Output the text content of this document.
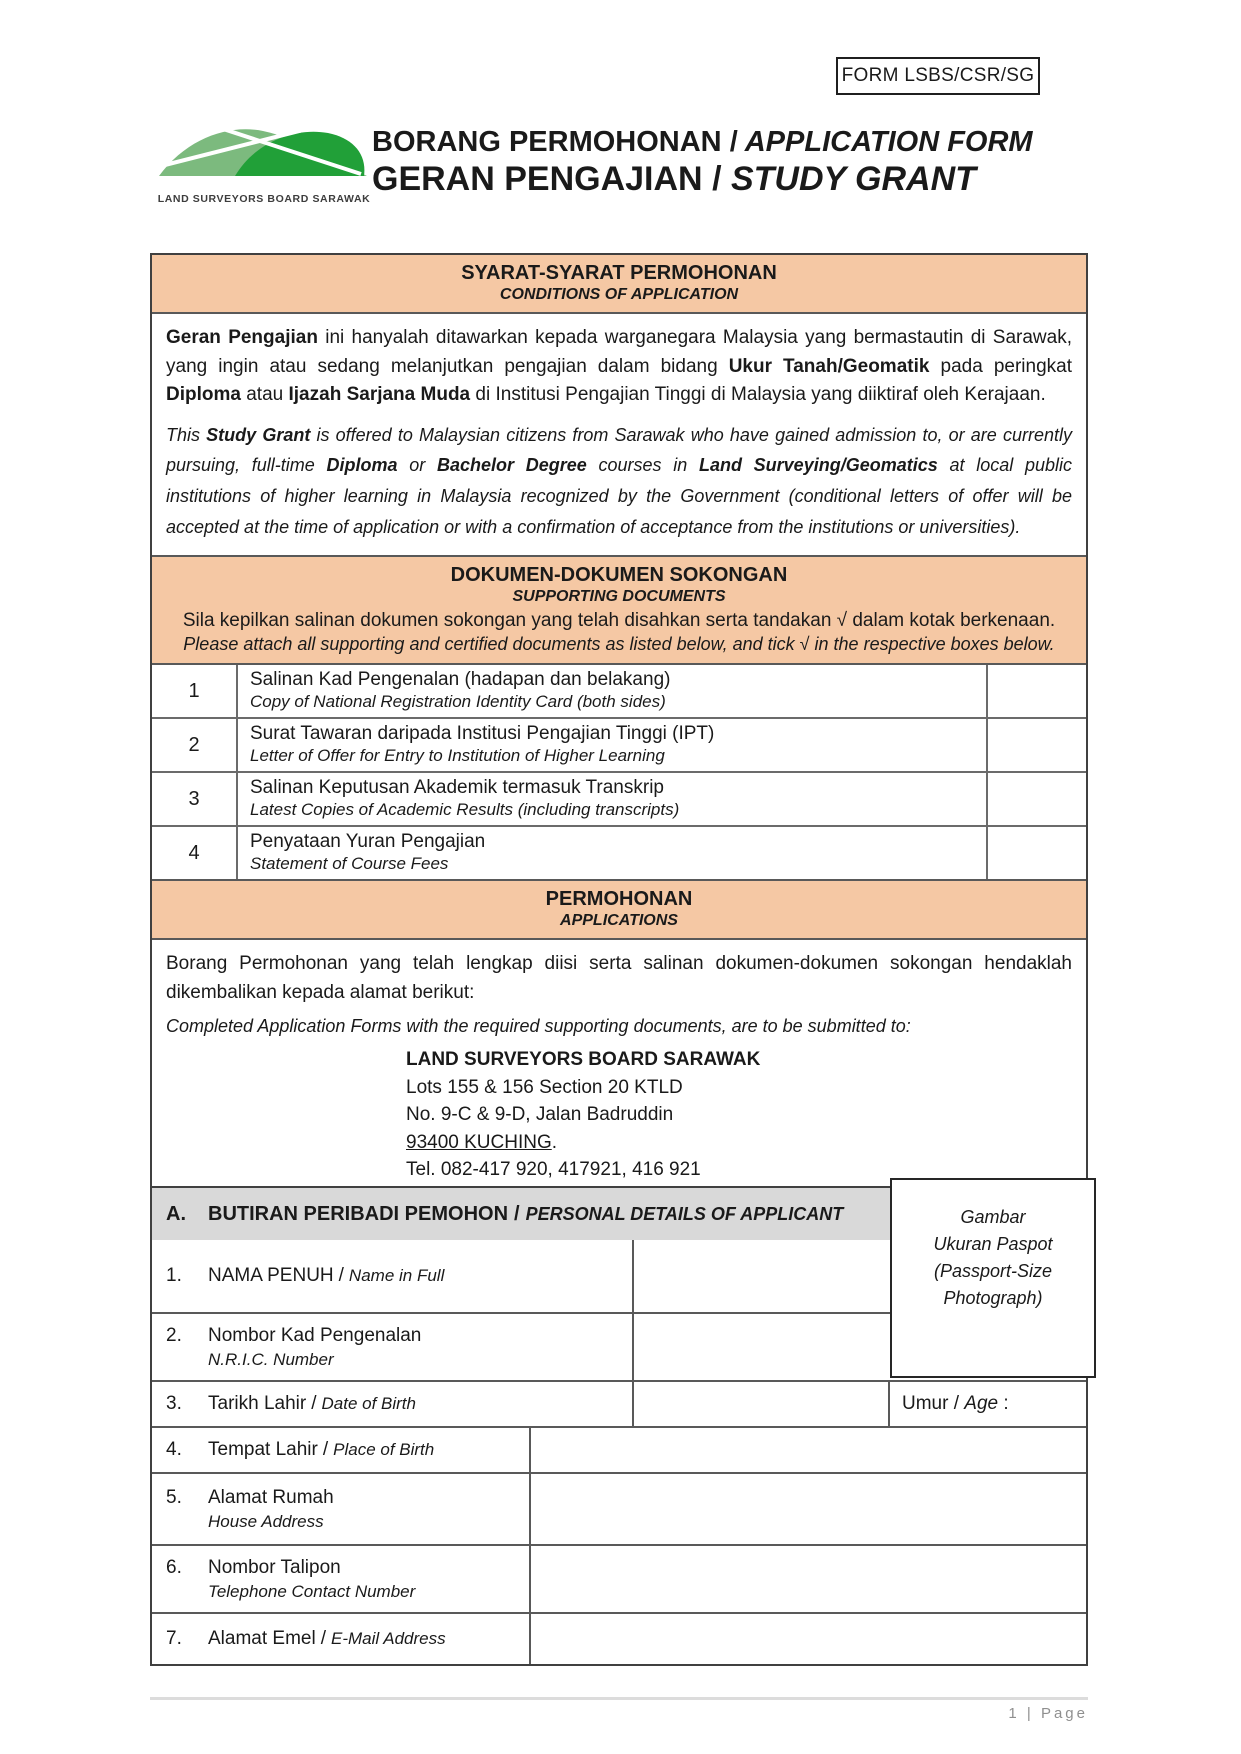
FORM LSBS/CSR/SG
LAND SURVEYORS BOARD SARAWAK
BORANG PERMOHONAN / APPLICATION FORM
GERAN PENGAJIAN / STUDY GRANT
SYARAT-SYARAT PERMOHONAN
CONDITIONS OF APPLICATION
Geran Pengajian ini hanyalah ditawarkan kepada warganegara Malaysia yang bermastautin di Sarawak, yang ingin atau sedang melanjutkan pengajian dalam bidang Ukur Tanah/Geomatik pada peringkat Diploma atau Ijazah Sarjana Muda di Institusi Pengajian Tinggi di Malaysia yang diiktiraf oleh Kerajaan.
This Study Grant is offered to Malaysian citizens from Sarawak who have gained admission to, or are currently pursuing, full-time Diploma or Bachelor Degree courses in Land Surveying/Geomatics at local public institutions of higher learning in Malaysia recognized by the Government (conditional letters of offer will be accepted at the time of application or with a confirmation of acceptance from the institutions or universities).
DOKUMEN-DOKUMEN SOKONGAN
SUPPORTING DOCUMENTS
Sila kepilkan salinan dokumen sokongan yang telah disahkan serta tandakan √ dalam kotak berkenaan.
Please attach all supporting and certified documents as listed below, and tick √ in the respective boxes below.
1	Salinan Kad Pengenalan (hadapan dan belakang)
Copy of National Registration Identity Card (both sides)
2	Surat Tawaran daripada Institusi Pengajian Tinggi (IPT)
Letter of Offer for Entry to Institution of Higher Learning
3	Salinan Keputusan Akademik termasuk Transkrip
Latest Copies of Academic Results (including transcripts)
4	Penyataan Yuran Pengajian
Statement of Course Fees
PERMOHONAN
APPLICATIONS
Borang Permohonan yang telah lengkap diisi serta salinan dokumen-dokumen sokongan hendaklah dikembalikan kepada alamat berikut:
Completed Application Forms with the required supporting documents, are to be submitted to:
LAND SURVEYORS BOARD SARAWAK
Lots 155 & 156 Section 20 KTLD
No. 9-C & 9-D, Jalan Badruddin
93400 KUCHING.
Tel. 082-417 920, 417921, 416 921
A.	BUTIRAN PERIBADI PEMOHON / PERSONAL DETAILS OF APPLICANT
1.	NAMA PENUH / Name in Full
2.	Nombor Kad Pengenalan
N.R.I.C. Number
3.	Tarikh Lahir / Date of Birth	Umur / Age :
4.	Tempat Lahir / Place of Birth
5.	Alamat Rumah
House Address
6.	Nombor Talipon
Telephone Contact Number
7.	Alamat Emel / E-Mail Address
Gambar
Ukuran Paspot
(Passport-Size
Photograph)
1 | Page
